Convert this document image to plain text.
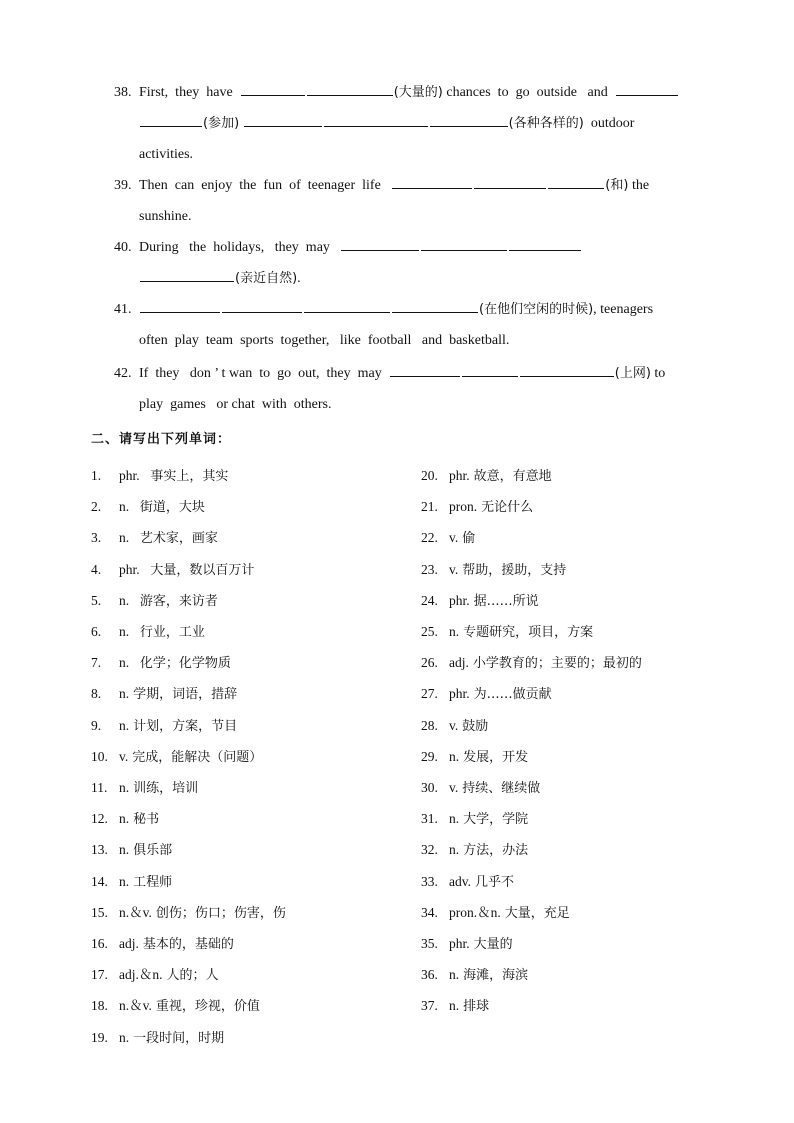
38. First,  they  have	(大量的) chances  to  go  outside   and
(参加)	(各种各样的)  outdoor
activities.
39. Then  can  enjoy  the  fun  of  teenager  life	(和) the
sunshine.
40. During   the  holidays,   they  may
(亲近自然).
41.	(在他们空闲的时候), teenagers
often  play  team  sports  together,   like  football   and  basketball.
42. If  they   don ’ t wan  to  go  out,  they  may	(上网) to
play  games   or chat  with  others.
二、请写出下列单词：
1. phr.  事实上，其实
2. n.  街道，大块
3. n.  艺术家，画家
4. phr.  大量，数以百万计
5. n.  游客，来访者
6. n.  行业，工业
7. n.  化学；化学物质
8. n. 学期，词语，措辞
9. n. 计划，方案，节目
10. v. 完成，能解决（问题）
11. n. 训练，培训
12. n. 秘书
13. n. 俱乐部
14. n. 工程师
15. n.＆v. 创伤；伤口；伤害，伤
16. adj. 基本的，基础的
17. adj.＆n. 人的；人
18. n.＆v. 重视，珍视，价值
19. n. 一段时间，时期
20. phr. 故意，有意地
21. pron. 无论什么
22. v. 偷
23. v. 帮助，援助，支持
24. phr. 据……所说
25. n. 专题研究，项目，方案
26. adj. 小学教育的；主要的；最初的
27. phr. 为……做贡献
28. v. 鼓励
29. n. 发展，开发
30. v. 持续、继续做
31. n. 大学，学院
32. n. 方法，办法
33. adv. 几乎不
34. pron.＆n. 大量，充足
35. phr. 大量的
36. n. 海滩，海滨
37. n. 排球
